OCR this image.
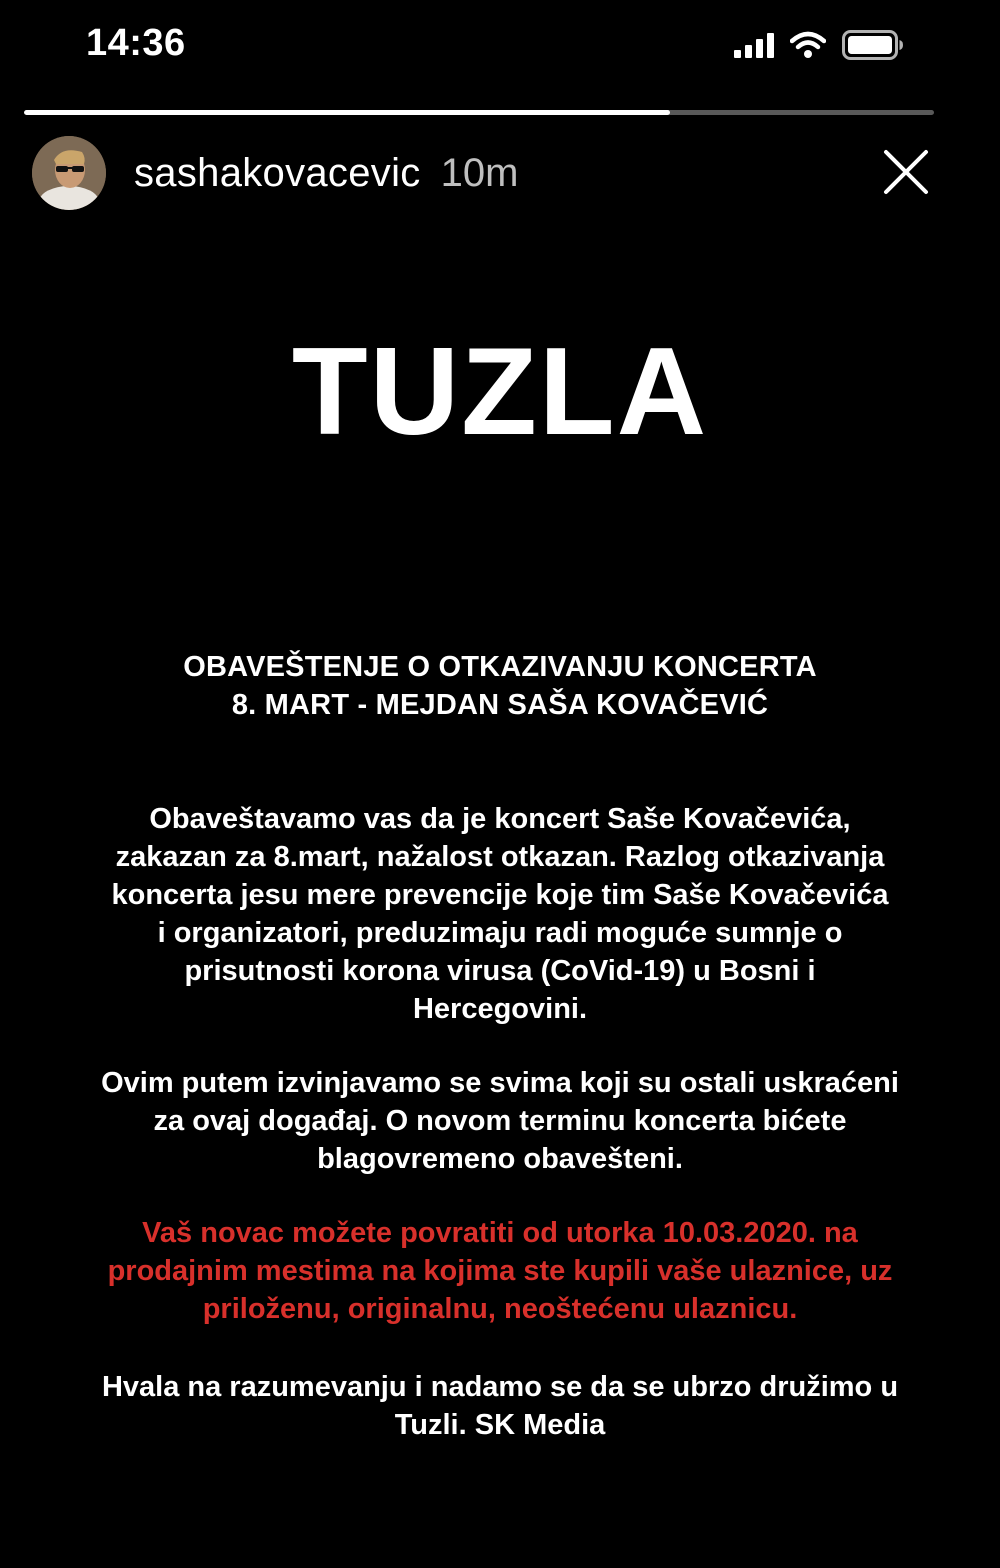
14:36
sashakovacevic 10m
TUZLA
OBAVEŠTENJE O OTKAZIVANJU KONCERTA
8. MART - MEJDAN SAŠA KOVAČEVIĆ
Obaveštavamo vas da je koncert Saše Kovačevića,
zakazan za 8.mart, nažalost otkazan. Razlog otkazivanja
koncerta jesu mere prevencije koje tim Saše Kovačevića
i organizatori, preduzimaju radi moguće sumnje o
prisutnosti korona virusa (CoVid-19) u Bosni i
Hercegovini.
Ovim putem izvinjavamo se svima koji su ostali uskraćeni
za ovaj događaj. O novom terminu koncerta bićete
blagovremeno obavešteni.
Vaš novac možete povratiti od utorka 10.03.2020. na
prodajnim mestima na kojima ste kupili vaše ulaznice, uz
priloženu, originalnu, neoštećenu ulaznicu.
Hvala na razumevanju i nadamo se da se ubrzo družimo u
Tuzli. SK Media
